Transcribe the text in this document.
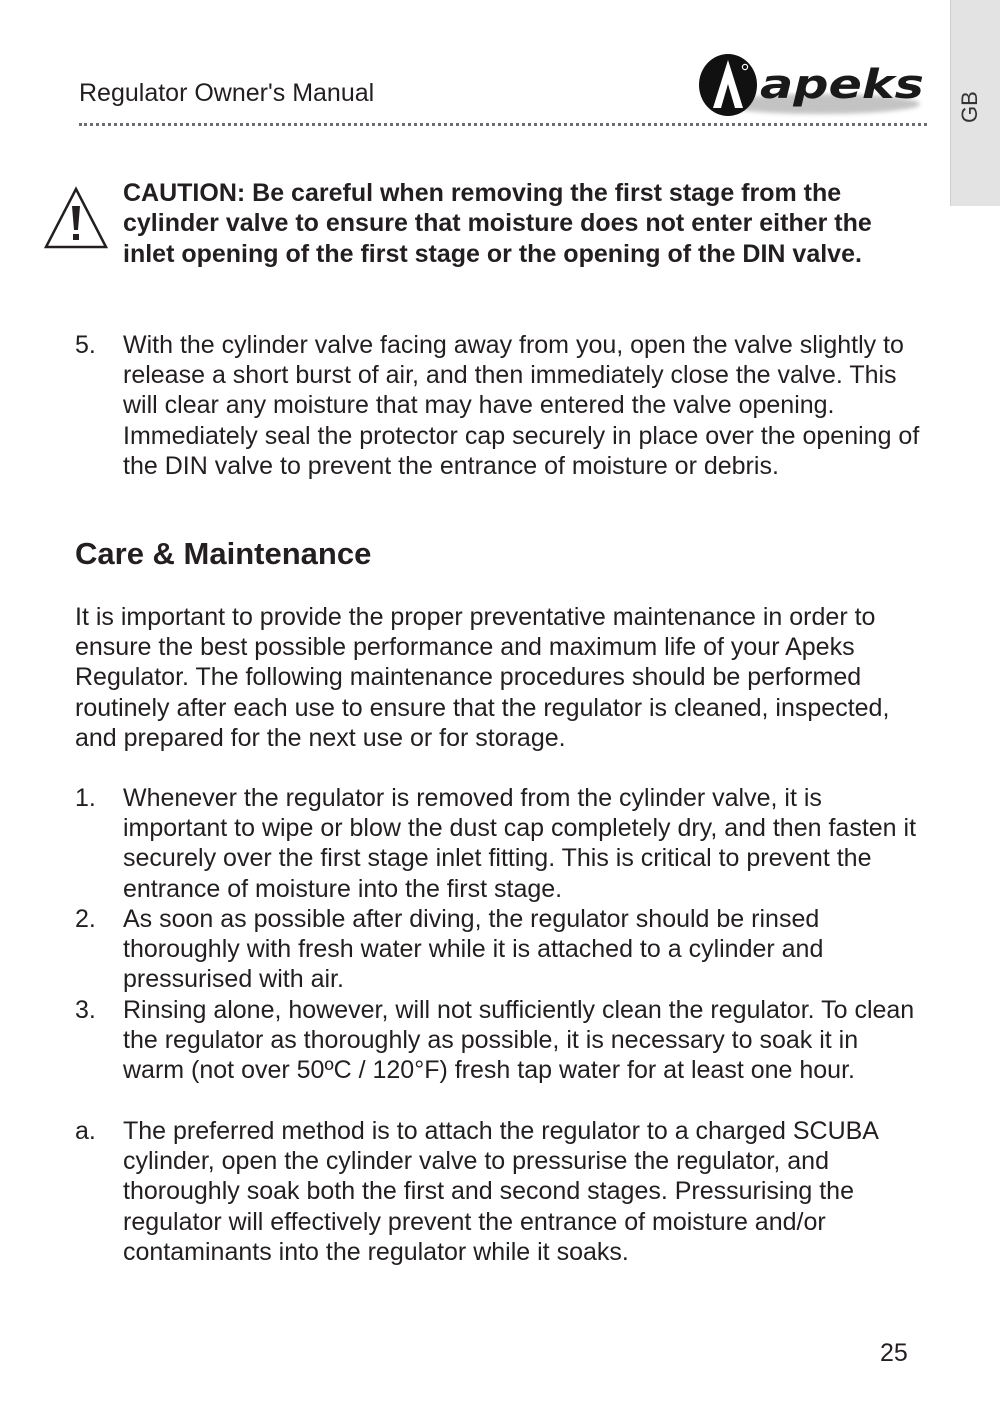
Regulator Owner's Manual	apeks GB
CAUTION: Be careful when removing the first stage from the cylinder valve to ensure that moisture does not enter either the inlet opening of the first stage or the opening of the DIN valve.
5.	With the cylinder valve facing away from you, open the valve slightly to release a short burst of air, and then immediately close the valve. This will clear any moisture that may have entered the valve opening. Immediately seal the protector cap securely in place over the opening of the DIN valve to prevent the entrance of moisture or debris.
Care & Maintenance
It is important to provide the proper preventative maintenance in order to ensure the best possible performance and maximum life of your Apeks Regulator. The following maintenance procedures should be performed routinely after each use to ensure that the regulator is cleaned, inspected, and prepared for the next use or for storage.
1.	Whenever the regulator is removed from the cylinder valve, it is important to wipe or blow the dust cap completely dry, and then fasten it securely over the first stage inlet fitting. This is critical to prevent the entrance of moisture into the first stage.
2.	As soon as possible after diving, the regulator should be rinsed thoroughly with fresh water while it is attached to a cylinder and pressurised with air.
3.	Rinsing alone, however, will not sufficiently clean the regulator. To clean the regulator as thoroughly as possible, it is necessary to soak it in warm (not over 50ºC / 120°F) fresh tap water for at least one hour.
a.	The preferred method is to attach the regulator to a charged SCUBA cylinder, open the cylinder valve to pressurise the regulator, and thoroughly soak both the first and second stages. Pressurising the regulator will effectively prevent the entrance of moisture and/or contaminants into the regulator while it soaks.
25
